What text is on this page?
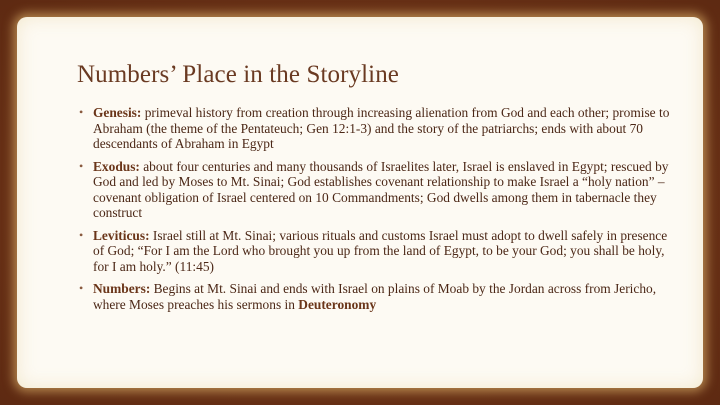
Numbers’ Place in the Storyline
• Genesis: primeval history from creation through increasing alienation from God and each other; promise to Abraham (the theme of the Pentateuch; Gen 12:1-3) and the story of the patriarchs; ends with about 70 descendants of Abraham in Egypt
• Exodus: about four centuries and many thousands of Israelites later, Israel is enslaved in Egypt; rescued by God and led by Moses to Mt. Sinai; God establishes covenant relationship to make Israel a “holy nation” – covenant obligation of Israel centered on 10 Commandments; God dwells among them in tabernacle they construct
• Leviticus: Israel still at Mt. Sinai; various rituals and customs Israel must adopt to dwell safely in presence of God; “For I am the Lord who brought you up from the land of Egypt, to be your God; you shall be holy, for I am holy.” (11:45)
• Numbers: Begins at Mt. Sinai and ends with Israel on plains of Moab by the Jordan across from Jericho, where Moses preaches his sermons in Deuteronomy
